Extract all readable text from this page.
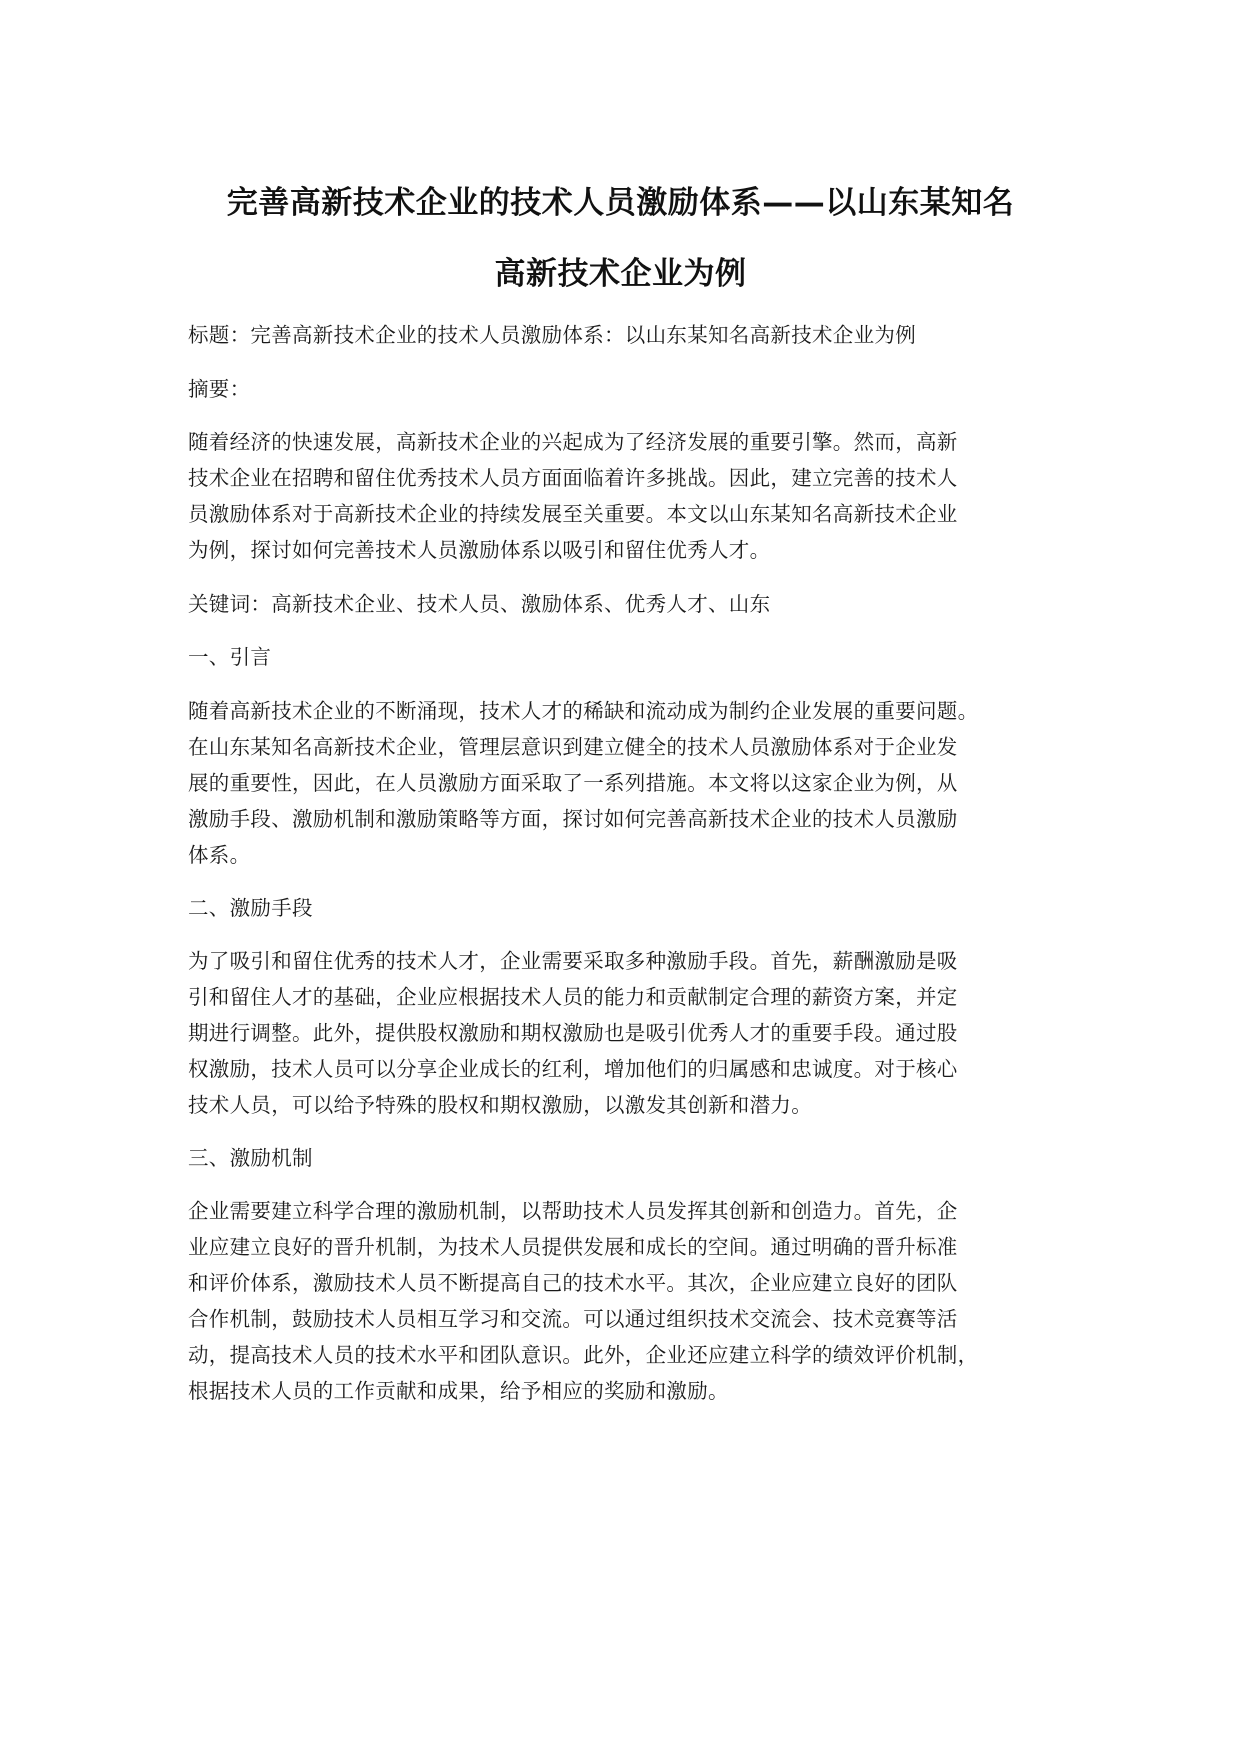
完善高新技术企业的技术人员激励体系——以山东某知名
高新技术企业为例
标题：完善高新技术企业的技术人员激励体系：以山东某知名高新技术企业为例
摘要：
随着经济的快速发展，高新技术企业的兴起成为了经济发展的重要引擎。然而，高新
技术企业在招聘和留住优秀技术人员方面面临着许多挑战。因此，建立完善的技术人
员激励体系对于高新技术企业的持续发展至关重要。本文以山东某知名高新技术企业
为例，探讨如何完善技术人员激励体系以吸引和留住优秀人才。
关键词：高新技术企业、技术人员、激励体系、优秀人才、山东
一、引言
随着高新技术企业的不断涌现，技术人才的稀缺和流动成为制约企业发展的重要问题。
在山东某知名高新技术企业，管理层意识到建立健全的技术人员激励体系对于企业发
展的重要性，因此，在人员激励方面采取了一系列措施。本文将以这家企业为例，从
激励手段、激励机制和激励策略等方面，探讨如何完善高新技术企业的技术人员激励
体系。
二、激励手段
为了吸引和留住优秀的技术人才，企业需要采取多种激励手段。首先，薪酬激励是吸
引和留住人才的基础，企业应根据技术人员的能力和贡献制定合理的薪资方案，并定
期进行调整。此外，提供股权激励和期权激励也是吸引优秀人才的重要手段。通过股
权激励，技术人员可以分享企业成长的红利，增加他们的归属感和忠诚度。对于核心
技术人员，可以给予特殊的股权和期权激励，以激发其创新和潜力。
三、激励机制
企业需要建立科学合理的激励机制，以帮助技术人员发挥其创新和创造力。首先，企
业应建立良好的晋升机制，为技术人员提供发展和成长的空间。通过明确的晋升标准
和评价体系，激励技术人员不断提高自己的技术水平。其次，企业应建立良好的团队
合作机制，鼓励技术人员相互学习和交流。可以通过组织技术交流会、技术竞赛等活
动，提高技术人员的技术水平和团队意识。此外，企业还应建立科学的绩效评价机制，
根据技术人员的工作贡献和成果，给予相应的奖励和激励。
